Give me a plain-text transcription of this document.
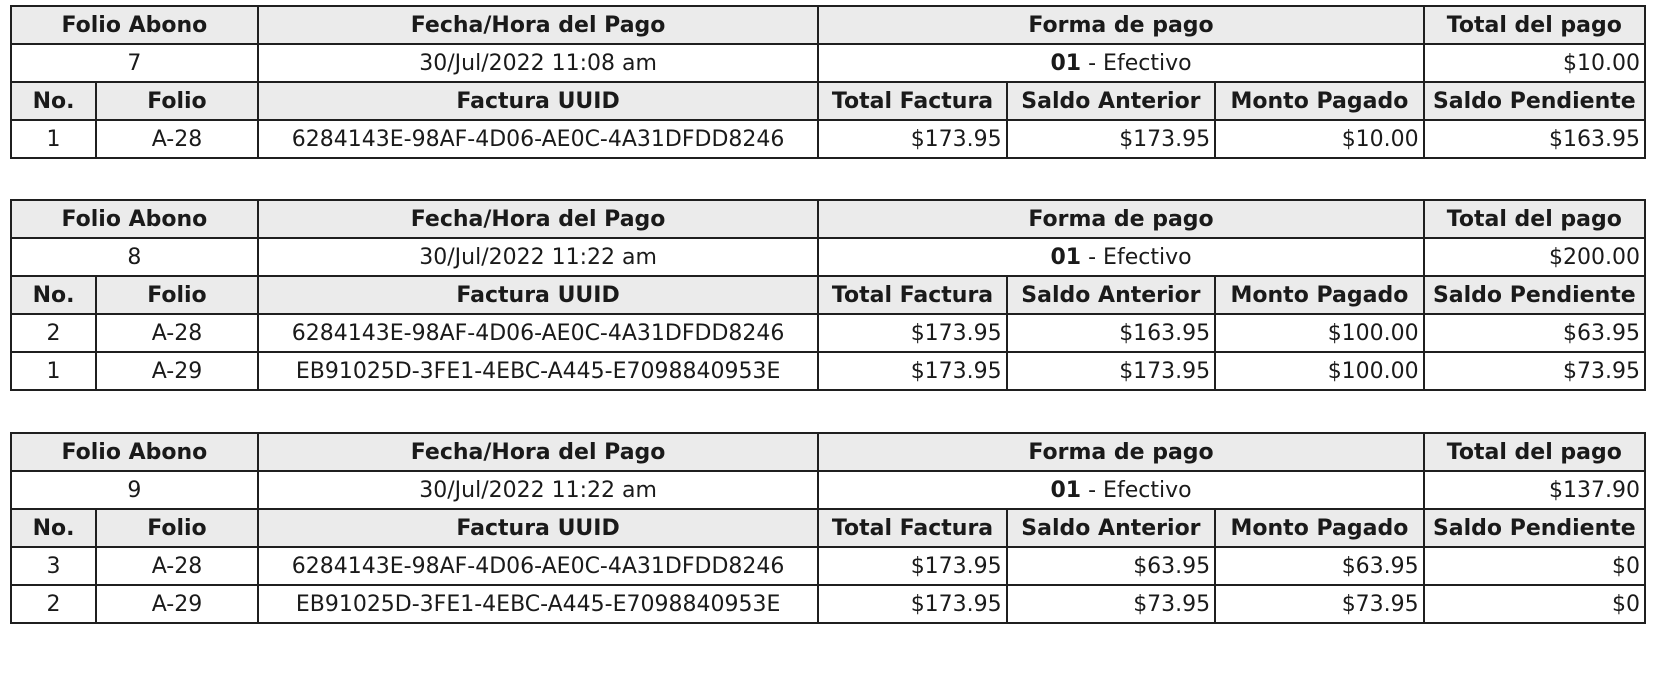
Folio Abono		Fecha/Hora del Pago	Forma de pago			Total del pago
7		30/Jul/2022 11:08 am	01 - Efectivo			$10.00
No.	Folio	Factura UUID	Total Factura	Saldo Anterior	Monto Pagado	Saldo Pendiente
1	A-28	6284143E-98AF-4D06-AE0C-4A31DFDD8246	$173.95	$173.95	$10.00	$163.95
Folio Abono		Fecha/Hora del Pago	Forma de pago			Total del pago
8		30/Jul/2022 11:22 am	01 - Efectivo			$200.00
No.	Folio	Factura UUID	Total Factura	Saldo Anterior	Monto Pagado	Saldo Pendiente
2	A-28	6284143E-98AF-4D06-AE0C-4A31DFDD8246	$173.95	$163.95	$100.00	$63.95
1	A-29	EB91025D-3FE1-4EBC-A445-E7098840953E	$173.95	$173.95	$100.00	$73.95
Folio Abono		Fecha/Hora del Pago	Forma de pago			Total del pago
9		30/Jul/2022 11:22 am	01 - Efectivo			$137.90
No.	Folio	Factura UUID	Total Factura	Saldo Anterior	Monto Pagado	Saldo Pendiente
3	A-28	6284143E-98AF-4D06-AE0C-4A31DFDD8246	$173.95	$63.95	$63.95	$0
2	A-29	EB91025D-3FE1-4EBC-A445-E7098840953E	$173.95	$73.95	$73.95	$0
